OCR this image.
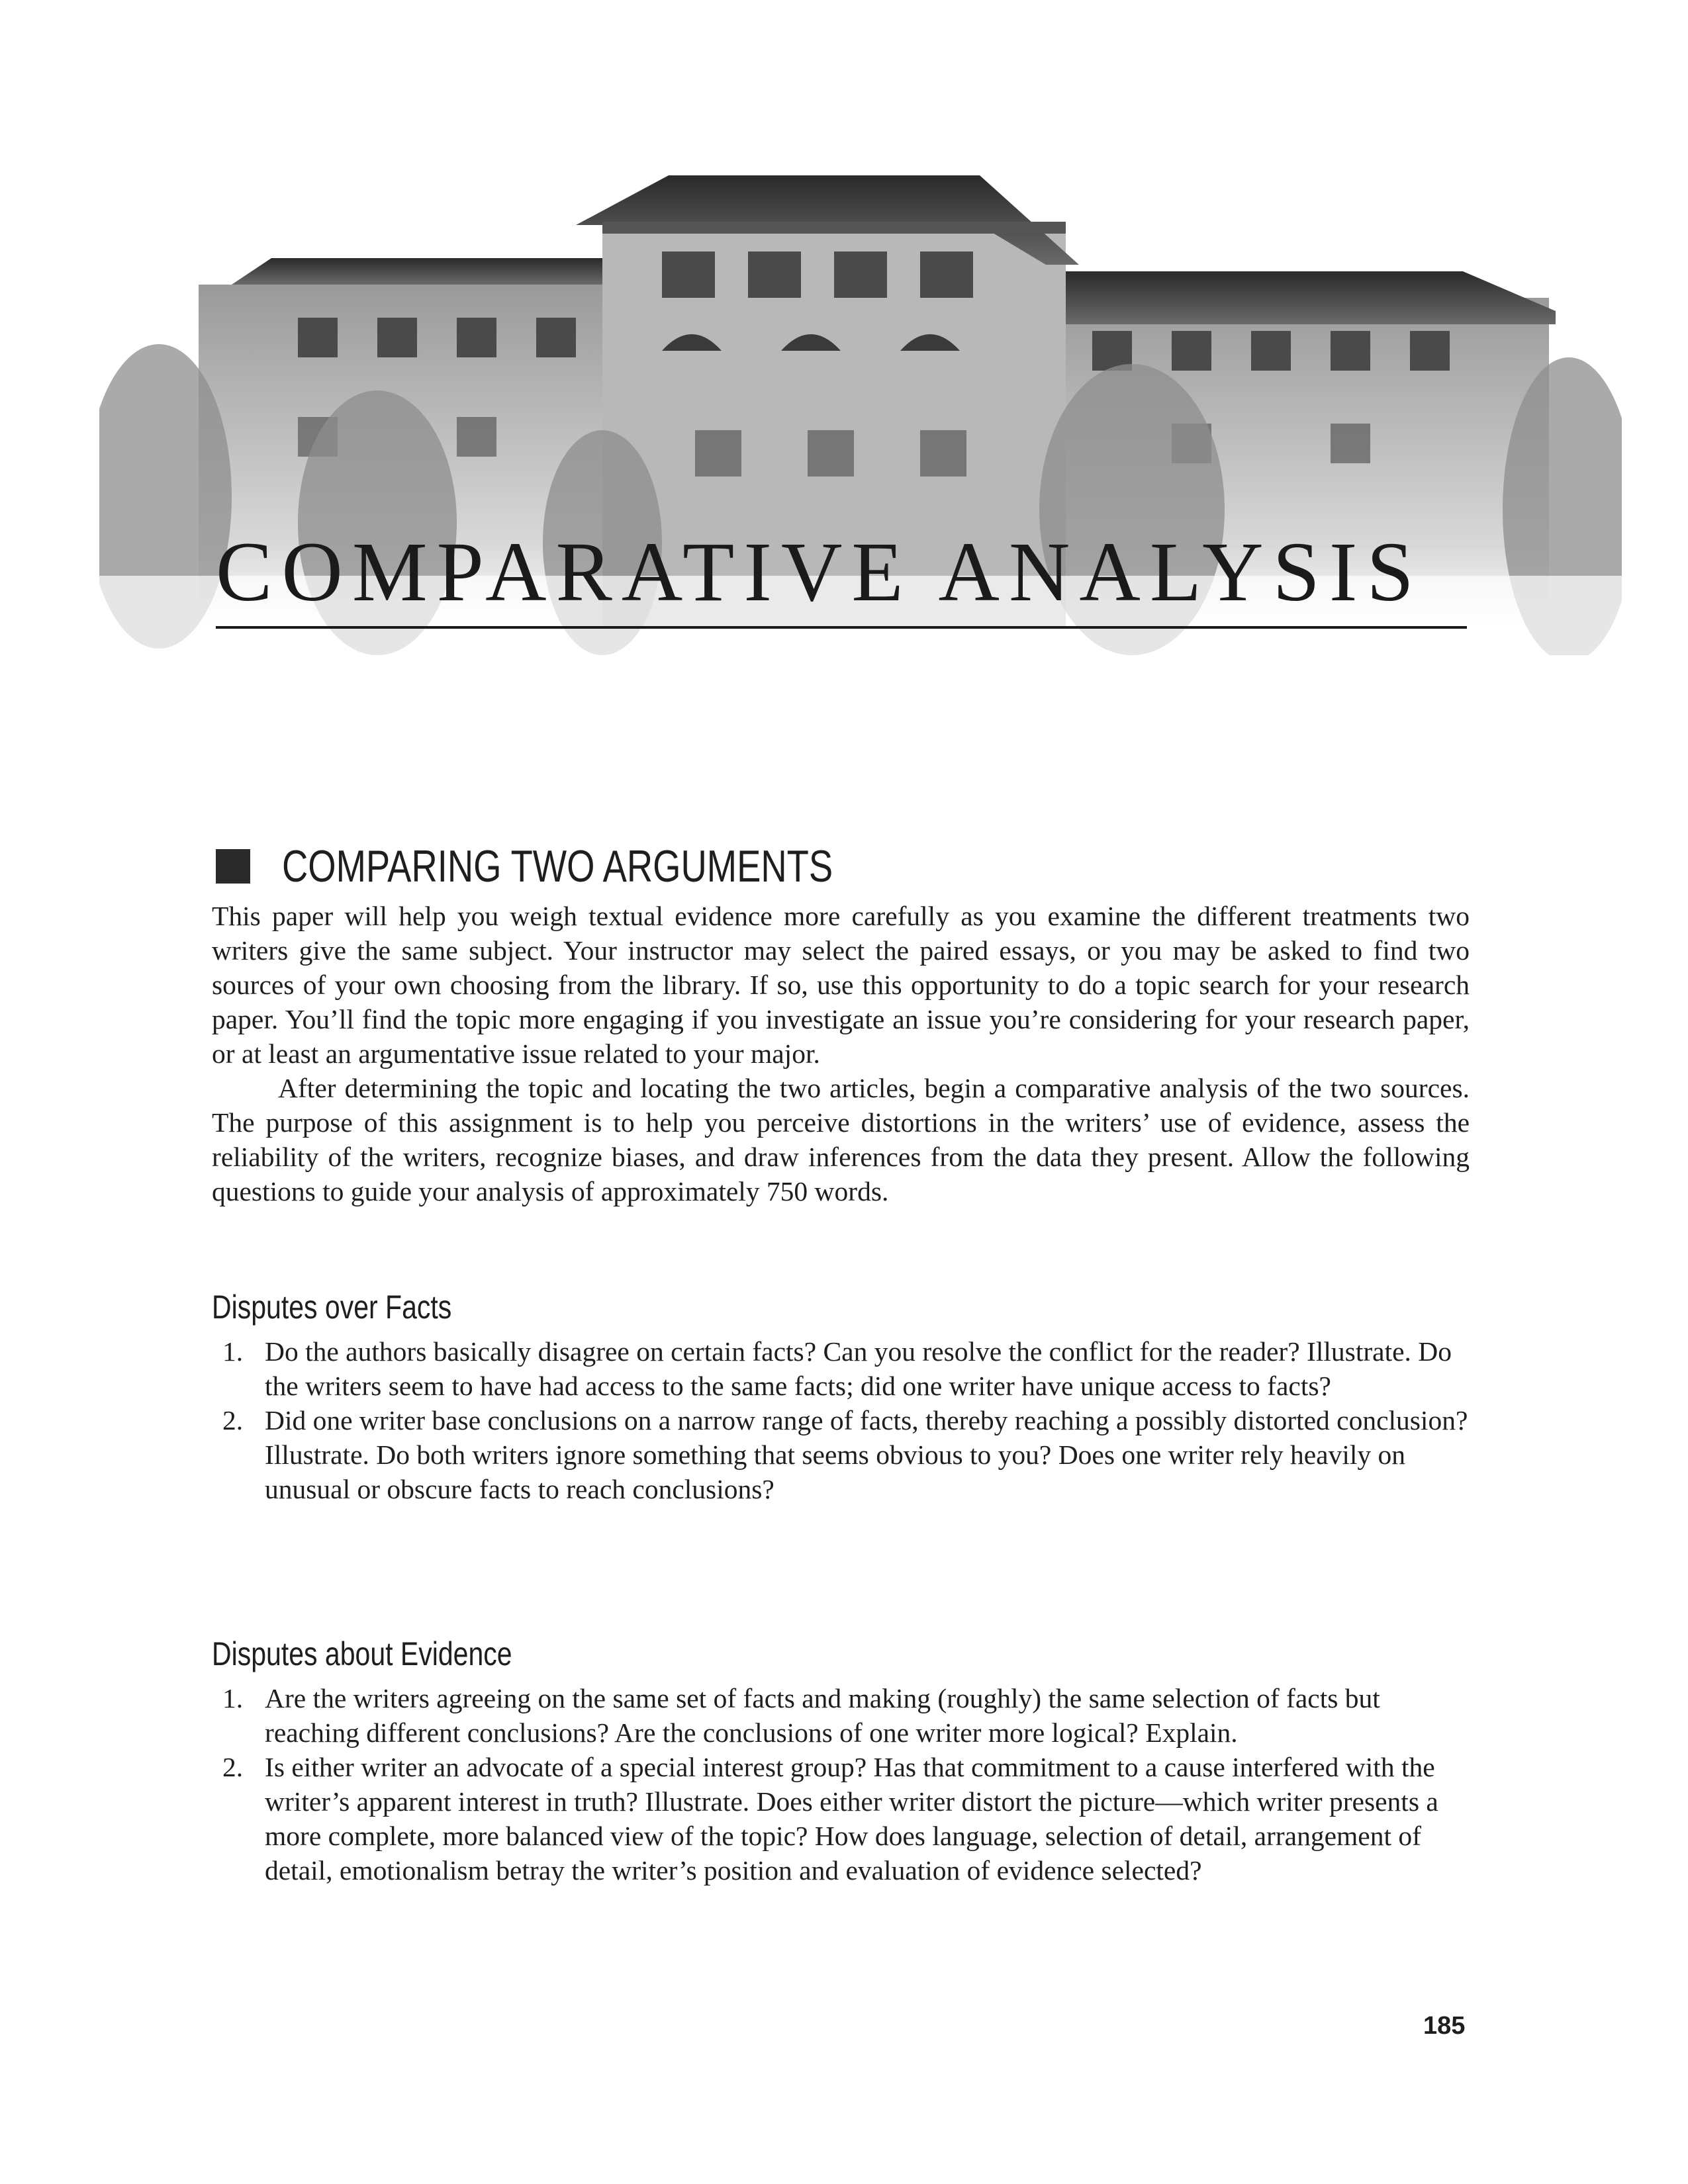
COMPARATIVE ANALYSIS
COMPARING TWO ARGUMENTS

This paper will help you weigh textual evidence more carefully as you examine the different treatments two writers give the same subject. Your instructor may select the paired essays, or you may be asked to find two sources of your own choosing from the library. If so, use this opportunity to do a topic search for your research paper. You’ll find the topic more engaging if you investigate an issue you’re considering for your research paper, or at least an argumentative issue related to your major.

After determining the topic and locating the two articles, begin a comparative analysis of the two sources. The purpose of this assignment is to help you perceive distortions in the writers’ use of evidence, assess the reliability of the writers, recognize biases, and draw inferences from the data they present. Allow the following questions to guide your analysis of approximately 750 words.

Disputes over Facts
1. Do the authors basically disagree on certain facts? Can you resolve the conflict for the reader? Illustrate. Do the writers seem to have had access to the same facts; did one writer have unique access to facts?
2. Did one writer base conclusions on a narrow range of facts, thereby reaching a possibly distorted conclusion? Illustrate. Do both writers ignore something that seems obvious to you? Does one writer rely heavily on unusual or obscure facts to reach conclusions?
Disputes about Evidence
1. Are the writers agreeing on the same set of facts and making (roughly) the same selection of facts but reaching different conclusions? Are the conclusions of one writer more logical? Explain.
2. Is either writer an advocate of a special interest group? Has that commitment to a cause interfered with the writer’s apparent interest in truth? Illustrate. Does either writer distort the picture—which writer presents a more complete, more balanced view of the topic? How does language, selection of detail, arrangement of detail, emotionalism betray the writer’s position and evaluation of evidence selected?
185
